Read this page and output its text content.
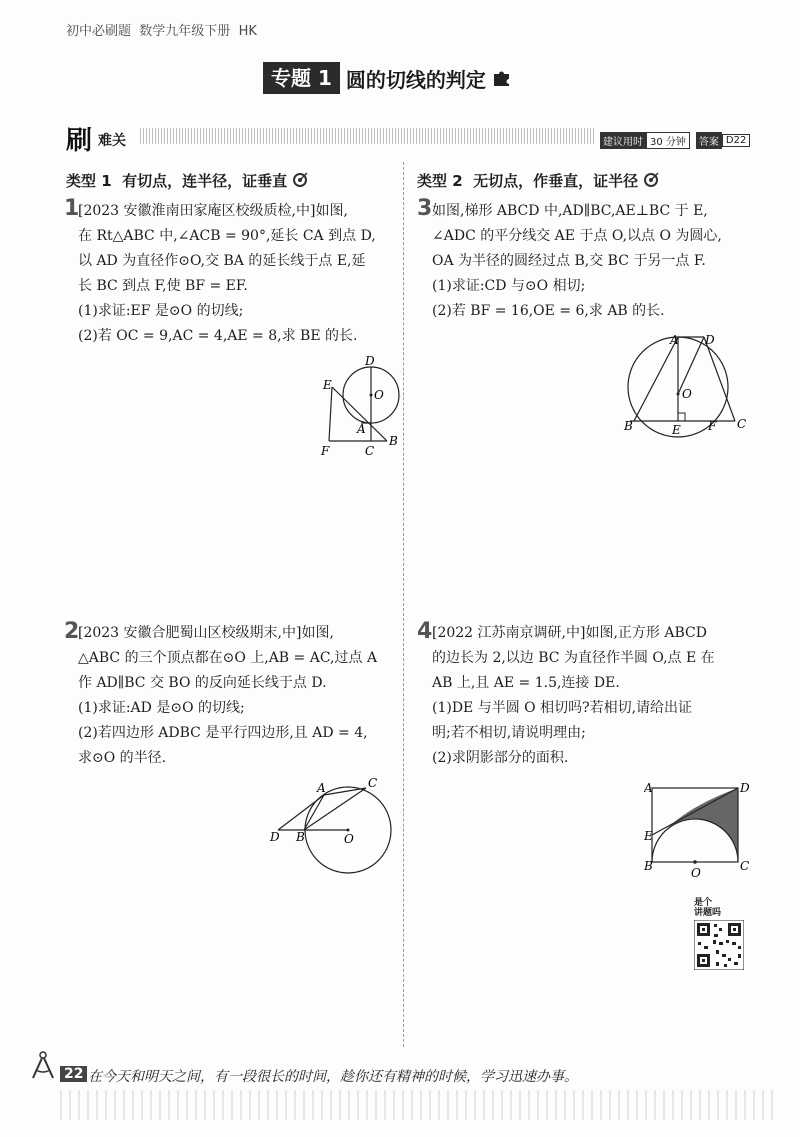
初中必刷题 数学九年级下册 HK
专题 1 圆的切线的判定
刷 难关	建议用时 30 分钟	答案 D22
类型 1 有切点，连半径，证垂直	类型 2 无切点，作垂直，证半径
1
[2023 安徽淮南田家庵区校级质检,中]如图,
在 Rt△ABC 中,∠ACB = 90°,延长 CA 到点 D,
以 AD 为直径作⊙O,交 BA 的延长线于点 E,延
长 BC 到点 F,使 BF = EF.
(1)求证:EF 是⊙O 的切线;
(2)若 OC = 9,AC = 4,AE = 8,求 BE 的长.
D
E
O
A
B
F	C
2
[2023 安徽合肥蜀山区校级期末,中]如图,
△ABC 的三个顶点都在⊙O 上,AB = AC,过点 A
作 AD∥BC 交 BO 的反向延长线于点 D.
(1)求证:AD 是⊙O 的切线;
(2)若四边形 ADBC 是平行四边形,且 AD = 4,
求⊙O 的半径.
C
A
D B	O
3 如图,梯形 ABCD 中,AD∥BC,AE⊥BC 于 E,
∠ADC 的平分线交 AE 于点 O,以点 O 为圆心,
OA 为半径的圆经过点 B,交 BC 于另一点 F.
(1)求证:CD 与⊙O 相切;
(2)若 BF = 16,OE = 6,求 AB 的长.
A D
O
B	E F C
4 [2022 江苏南京调研,中]如图,正方形 ABCD
的边长为 2,以边 BC 为直径作半圆 O,点 E 在
AB 上,且 AE = 1.5,连接 DE.
(1)DE 与半圆 O 相切吗?若相切,请给出证
明;若不相切,请说明理由;
(2)求阴影部分的面积.
A	D
E
B	C
O
是个
讲题吗
22 在今天和明天之间，有一段很长的时间，趁你还有精神的时候，学习迅速办事。
